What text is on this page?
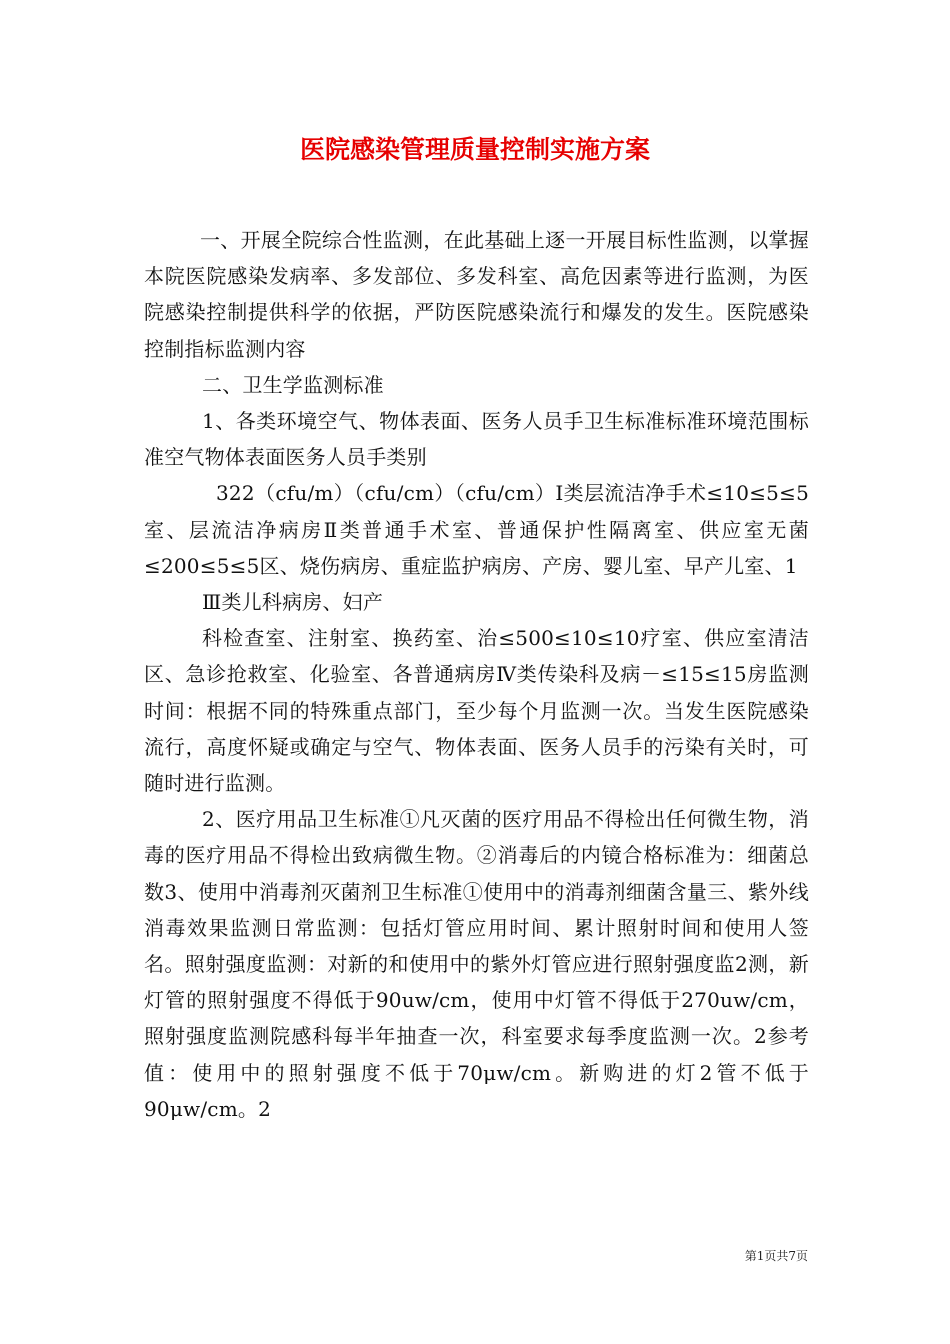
医院感染管理质量控制实施方案

一、开展全院综合性监测，在此基础上逐一开展目标性监测，以掌握本院医院感染发病率、多发部位、多发科室、高危因素等进行监测，为医院感染控制提供科学的依据，严防医院感染流行和爆发的发生。医院感染控制指标监测内容

二、卫生学监测标准

1、各类环境空气、物体表面、医务人员手卫生标准标准环境范围标准空气物体表面医务人员手类别

322（cfu/m）（cfu/cm）（cfu/cm）Ⅰ类层流洁净手术≤10≤5≤5室、层流洁净病房Ⅱ类普通手术室、普通保护性隔离室、供应室无菌≤200≤5≤5区、烧伤病房、重症监护病房、产房、婴儿室、早产儿室、1

Ⅲ类儿科病房、妇产

科检查室、注射室、换药室、治≤500≤10≤10疗室、供应室清洁区、急诊抢救室、化验室、各普通病房Ⅳ类传染科及病－≤15≤15房监测时间：根据不同的特殊重点部门，至少每个月监测一次。当发生医院感染流行，高度怀疑或确定与空气、物体表面、医务人员手的污染有关时，可随时进行监测。

2、医疗用品卫生标准①凡灭菌的医疗用品不得检出任何微生物，消毒的医疗用品不得检出致病微生物。②消毒后的内镜合格标准为：细菌总数3、使用中消毒剂灭菌剂卫生标准①使用中的消毒剂细菌含量三、紫外线消毒效果监测日常监测：包括灯管应用时间、累计照射时间和使用人签名。照射强度监测：对新的和使用中的紫外灯管应进行照射强度监2测，新灯管的照射强度不得低于90uw/cm，使用中灯管不得低于270uw/cm，照射强度监测院感科每半年抽查一次，科室要求每季度监测一次。2参考值：使用中的照射强度不低于70μw/cm。新购进的灯2管不低于90μw/cm。2

第1页共7页
